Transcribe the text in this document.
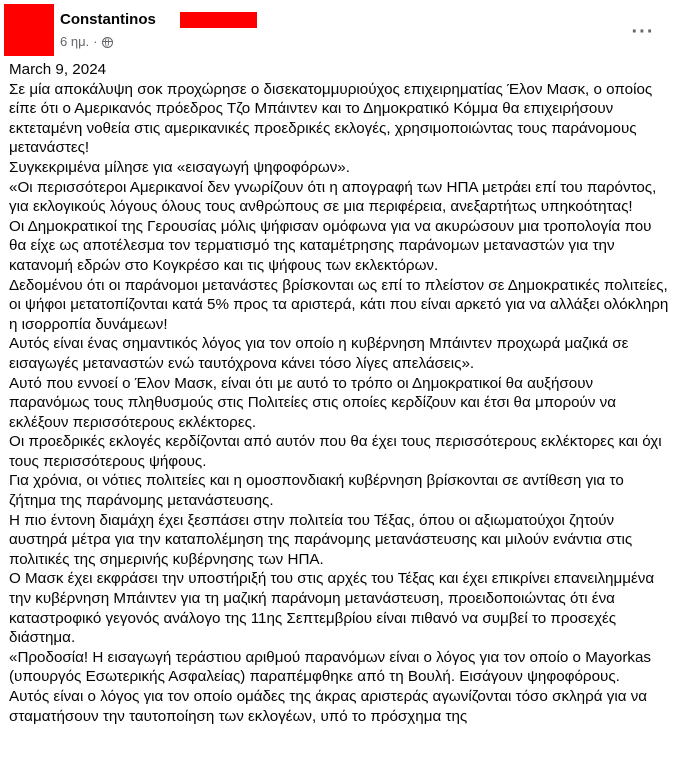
Constantinos
6 ημ. ·	···

March 9, 2024

Σε μία αποκάλυψη σοκ προχώρησε ο δισεκατομμυριούχος επιχειρηματίας Έλον Μασκ, ο οποίος είπε ότι ο Αμερικανός πρόεδρος Τζο Μπάιντεν και το Δημοκρατικό Κόμμα θα επιχειρήσουν εκτεταμένη νοθεία στις αμερικανικές προεδρικές εκλογές, χρησιμοποιώντας τους παράνομους μετανάστες!

Συγκεκριμένα μίλησε για «εισαγωγή ψηφοφόρων».

«Οι περισσότεροι Αμερικανοί δεν γνωρίζουν ότι η απογραφή των ΗΠΑ μετράει επί του παρόντος, για εκλογικούς λόγους όλους τους ανθρώπους σε μια περιφέρεια, ανεξαρτήτως υπηκοότητας!

Οι Δημοκρατικοί της Γερουσίας μόλις ψήφισαν ομόφωνα για να ακυρώσουν μια τροπολογία που θα είχε ως αποτέλεσμα τον τερματισμό της καταμέτρησης παράνομων μεταναστών για την κατανομή εδρών στο Κογκρέσο και τις ψήφους των εκλεκτόρων.

Δεδομένου ότι οι παράνομοι μετανάστες βρίσκονται ως επί το πλείστον σε Δημοκρατικές πολιτείες, οι ψήφοι μετατοπίζονται κατά 5% προς τα αριστερά, κάτι που είναι αρκετό για να αλλάξει ολόκληρη η ισορροπία δυνάμεων!

Αυτός είναι ένας σημαντικός λόγος για τον οποίο η κυβέρνηση Μπάιντεν προχωρά μαζικά σε εισαγωγές μεταναστών ενώ ταυτόχρονα κάνει τόσο λίγες απελάσεις».

Αυτό που εννοεί ο Έλον Μασκ, είναι ότι με αυτό το τρόπο οι Δημοκρατικοί θα αυξήσουν παρανόμως τους πληθυσμούς στις Πολιτείες στις οποίες κερδίζουν και έτσι θα μπορούν να εκλέξουν περισσότερους εκλέκτορες.

Οι προεδρικές εκλογές κερδίζονται από αυτόν που θα έχει τους περισσότερους εκλέκτορες και όχι τους περισσότερους ψήφους.

Για χρόνια, οι νότιες πολιτείες και η ομοσπονδιακή κυβέρνηση βρίσκονται σε αντίθεση για το ζήτημα της παράνομης μετανάστευσης.

Η πιο έντονη διαμάχη έχει ξεσπάσει στην πολιτεία του Τέξας, όπου οι αξιωματούχοι ζητούν αυστηρά μέτρα για την καταπολέμηση της παράνομης μετανάστευσης και μιλούν ενάντια στις πολιτικές της σημερινής κυβέρνησης των ΗΠΑ.

Ο Μασκ έχει εκφράσει την υποστήριξή του στις αρχές του Τέξας και έχει επικρίνει επανειλημμένα την κυβέρνηση Μπάιντεν για τη μαζική παράνομη μετανάστευση, προειδοποιώντας ότι ένα καταστροφικό γεγονός ανάλογο της 11ης Σεπτεμβρίου είναι πιθανό να συμβεί το προσεχές διάστημα.

«Προδοσία! Η εισαγωγή τεράστιου αριθμού παρανόμων είναι ο λόγος για τον οποίο ο Mayorkas (υπουργός Εσωτερικής Ασφαλείας) παραπέμφθηκε από τη Βουλή. Εισάγουν ψηφοφόρους.

Αυτός είναι ο λόγος για τον οποίο ομάδες της άκρας αριστεράς αγωνίζονται τόσο σκληρά για να σταματήσουν την ταυτοποίηση των εκλογέων, υπό το πρόσχημα της
